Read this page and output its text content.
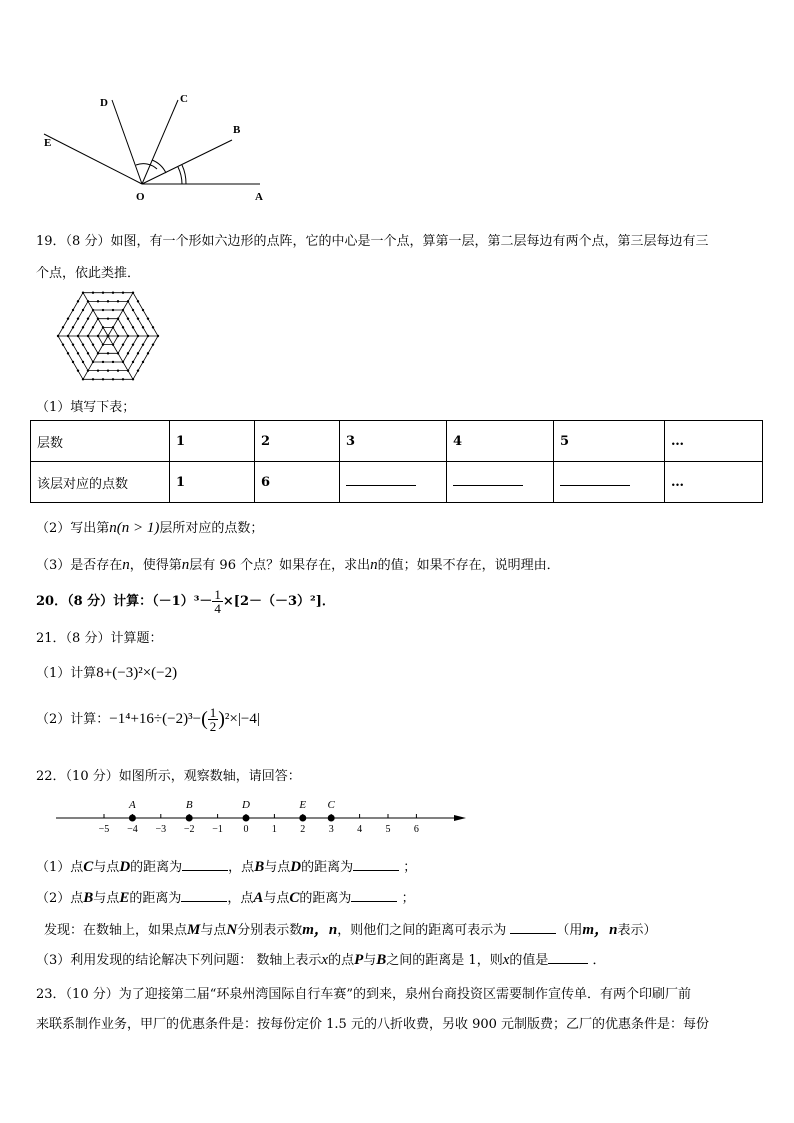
D	C
B
E
O	A
19．（8 分）如图，有一个形如六边形的点阵，它的中心是一个点，算第一层，第二层每边有两个点，第三层每边有三
个点，依此类推．
（1）填写下表；
层数	1	2	3	4	5	…
该层对应的点数	1	6				…
（2）写出第n(n > 1)层所对应的点数；
（3）是否存在n，使得第n层有 96 个点？如果存在，求出n的值；如果不存在，说明理由．
20．（8 分）计算：$(-1)^3- \frac{1}{4} \times[2-(-3)^2]$．
21．（8 分）计算题：
（1）计算8+(−3)²×(−2)
（2）计算：$-1^4+16\div(-2)^3-( \frac{1}{2} )^2\times|-4|$
22．（10 分）如图所示，观察数轴，请回答：
−5 −4 −3 −2 −1 0 1 2 3 4 5 6
A	B	D	E C
（1）点C与点D的距离为	，点B与点D的距离为	；
（2）点B与点E的距离为	，点A与点C的距离为	；
发现：在数轴上，如果点M与点N分别表示数m，n，则他们之间的距离可表示为	（用m，n表示）
（3）利用发现的结论解决下列问题： 数轴上表示x的点P与B之间的距离是 1，则x的值是	．
23．（10 分）为了迎接第二届“环泉州湾国际自行车赛”的到来，泉州台商投资区需要制作宣传单．有两个印刷厂前
来联系制作业务，甲厂的优惠条件是：按每份定价 1.5 元的八折收费，另收 900 元制版费；乙厂的优惠条件是：每份
